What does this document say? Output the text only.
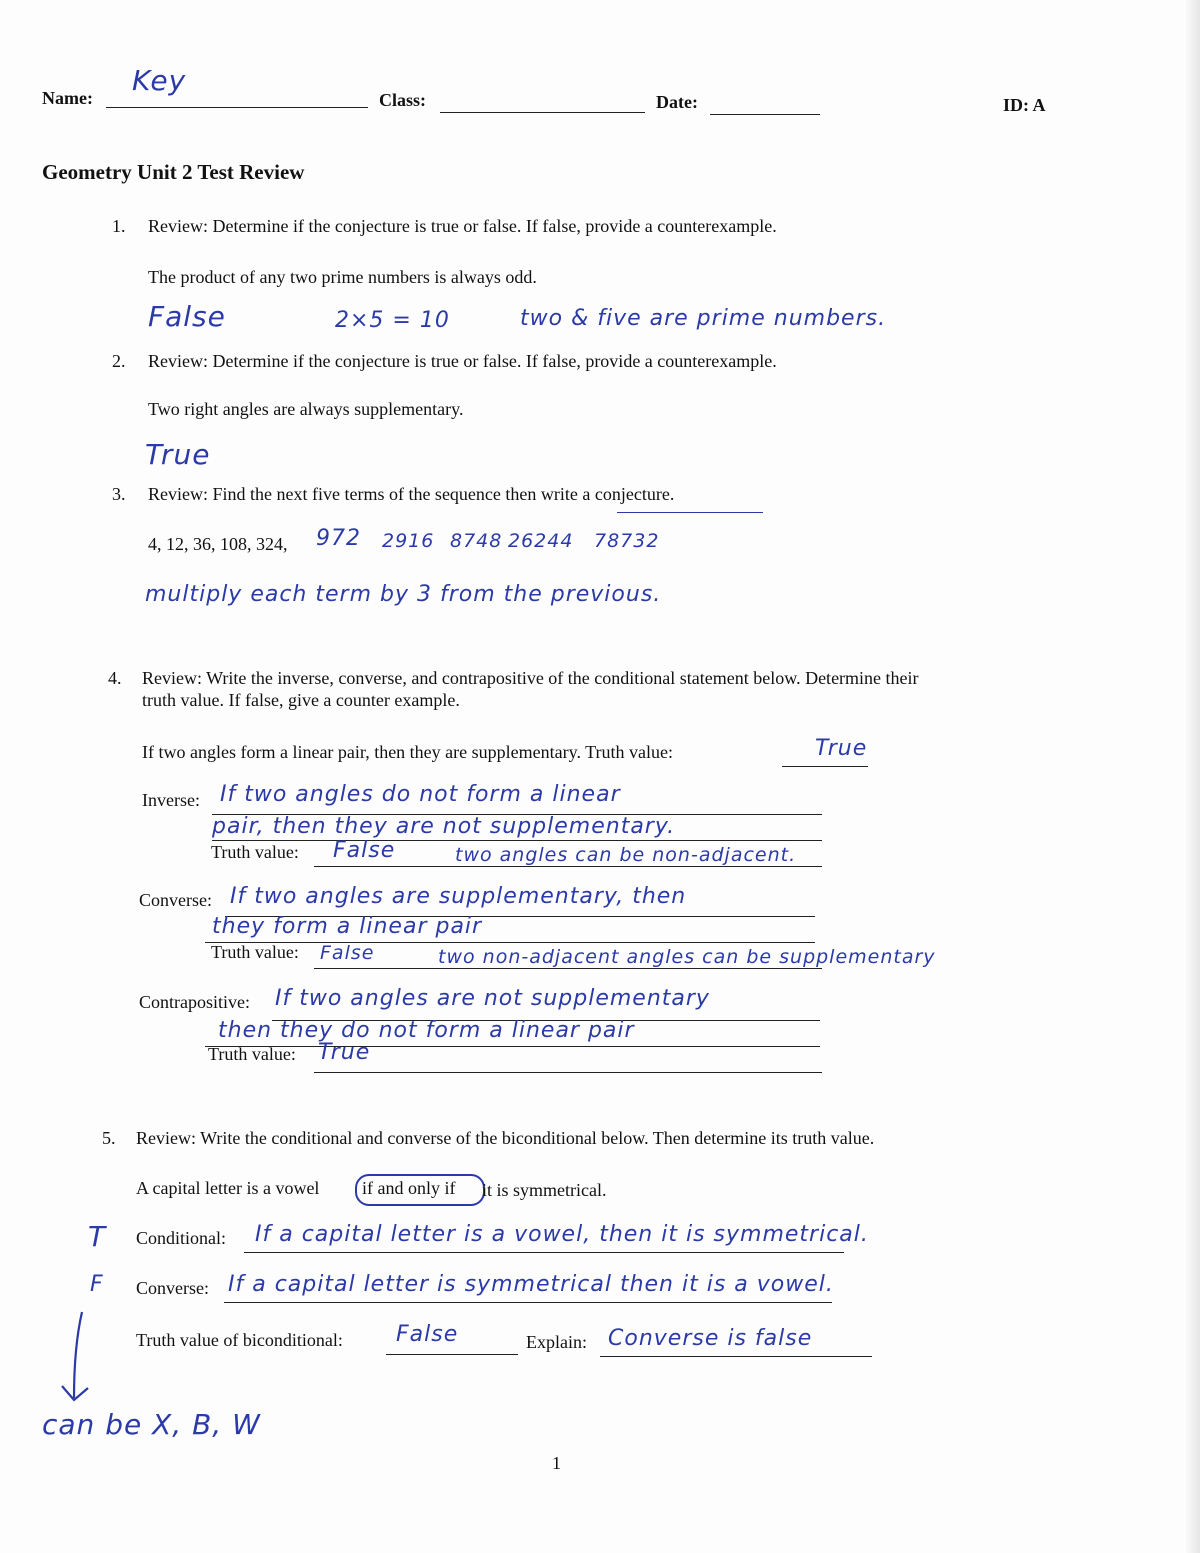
Name:
Key
Class:	Date:	ID: A
Geometry Unit 2 Test Review
1. Review: Determine if the conjecture is true or false. If false, provide a counterexample.
The product of any two prime numbers is always odd.
False	2×5 = 10	two & five are prime numbers.
2. Review: Determine if the conjecture is true or false. If false, provide a counterexample.
Two right angles are always supplementary.
True
3. Review: Find the next five terms of the sequence then write a conjecture.
4, 12, 36, 108, 324, 972 2916 8748 26244 78732
multiply each term by 3 from the previous.
4. Review: Write the inverse, converse, and contrapositive of the conditional statement below. Determine their
truth value. If false, give a counter example.
If two angles form a linear pair, then they are supplementary. Truth value:	True
Inverse: If two angles do not form a linear
pair, then they are not supplementary.
Truth value: False	two angles can be non-adjacent.
Converse: If two angles are supplementary, then
they form a linear pair
Truth value: False	two non-adjacent angles can be supplementary
Contrapositive: If two angles are not supplementary
then they do not form a linear pair
Truth value: True
5. Review: Write the conditional and converse of the biconditional below. Then determine its truth value.
A capital letter is a vowel if and only if it is symmetrical.
T Conditional: If a capital letter is a vowel, then it is symmetrical.
F Converse: If a capital letter is symmetrical then it is a vowel.
Truth value of biconditional: False	Explain: Converse is false
can be X, B, W
1
